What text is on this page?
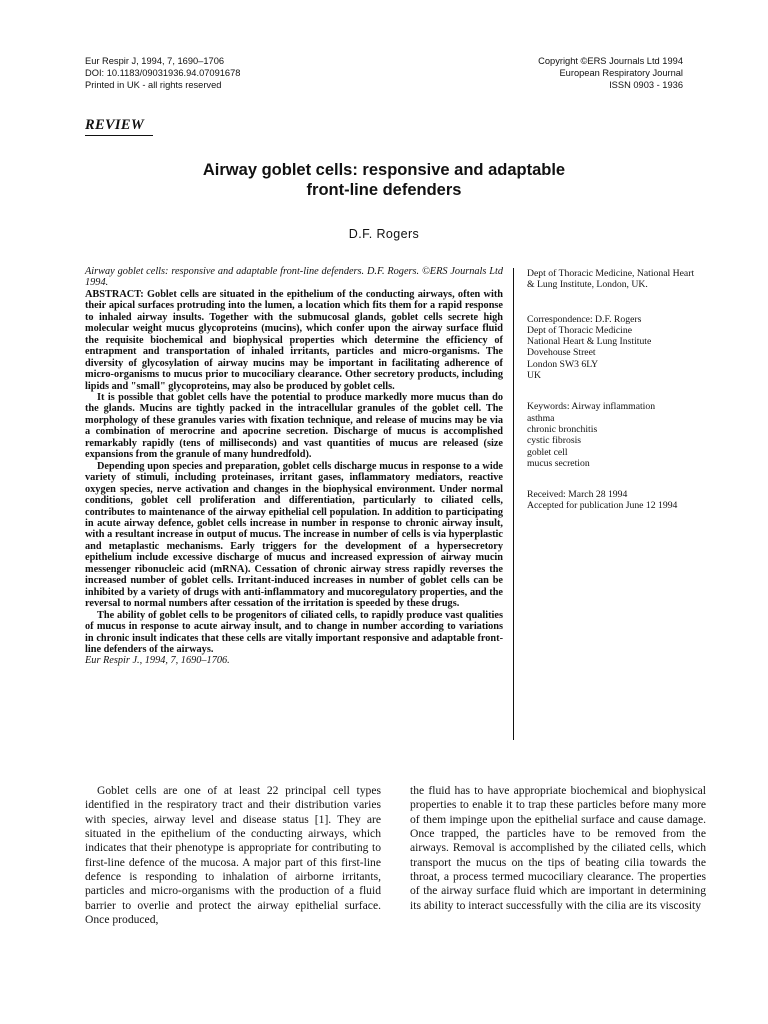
Eur Respir J, 1994, 7, 1690–1706
DOI: 10.1183/09031936.94.07091678
Printed in UK - all rights reserved
Copyright ©ERS Journals Ltd 1994
European Respiratory Journal
ISSN 0903 - 1936
REVIEW
Airway goblet cells: responsive and adaptable
front-line defenders
D.F. Rogers

Airway goblet cells: responsive and adaptable front-line defenders. D.F. Rogers. ©ERS Journals Ltd 1994.

ABSTRACT: Goblet cells are situated in the epithelium of the conducting airways, often with their apical surfaces protruding into the lumen, a location which fits them for a rapid response to inhaled airway insults. Together with the submucosal glands, goblet cells secrete high molecular weight mucus glycoproteins (mucins), which confer upon the airway surface fluid the requisite biochemical and biophysical properties which determine the efficiency of entrapment and transportation of inhaled irritants, particles and micro-organisms. The diversity of glycosylation of airway mucins may be important in facilitating adherence of micro-organisms to mucus prior to mucociliary clearance. Other secretory products, including lipids and "small" glycoproteins, may also be produced by goblet cells.

It is possible that goblet cells have the potential to produce markedly more mucus than do the glands. Mucins are tightly packed in the intracellular granules of the goblet cell. The morphology of these granules varies with fixation technique, and release of mucins may be via a combination of merocrine and apocrine secretion. Discharge of mucus is accomplished remarkably rapidly (tens of milliseconds) and vast quantities of mucus are released (size expansions from the granule of many hundredfold).

Depending upon species and preparation, goblet cells discharge mucus in response to a wide variety of stimuli, including proteinases, irritant gases, inflammatory mediators, reactive oxygen species, nerve activation and changes in the biophysical environment. Under normal conditions, goblet cell proliferation and differentiation, particularly to ciliated cells, contributes to maintenance of the airway epithelial cell population. In addition to participating in acute airway defence, goblet cells increase in number in response to chronic airway insult, with a resultant increase in output of mucus. The increase in number of cells is via hyperplastic and metaplastic mechanisms. Early triggers for the development of a hypersecretory epithelium include excessive discharge of mucus and increased expression of airway mucin messenger ribonucleic acid (mRNA). Cessation of chronic airway stress rapidly reverses the increased number of goblet cells. Irritant-induced increases in number of goblet cells can be inhibited by a variety of drugs with anti-inflammatory and mucoregulatory properties, and the reversal to normal numbers after cessation of the irritation is speeded by these drugs.

The ability of goblet cells to be progenitors of ciliated cells, to rapidly produce vast qualities of mucus in response to acute airway insult, and to change in number according to variations in chronic insult indicates that these cells are vitally important responsive and adaptable front-line defenders of the airways.

Eur Respir J., 1994, 7, 1690–1706.

Dept of Thoracic Medicine, National Heart
& Lung Institute, London, UK.
Correspondence: D.F. Rogers
Dept of Thoracic Medicine
National Heart & Lung Institute
Dovehouse Street
London SW3 6LY
UK
Keywords: Airway inflammation
asthma
chronic bronchitis
cystic fibrosis
goblet cell
mucus secretion
Received: March 28 1994
Accepted for publication June 12 1994

Goblet cells are one of at least 22 principal cell types identified in the respiratory tract and their distribution varies with species, airway level and disease status [1]. They are situated in the epithelium of the conducting airways, which indicates that their phenotype is appropriate for contributing to first-line defence of the mucosa. A major part of this first-line defence is responding to inhalation of airborne irritants, particles and micro-organisms with the production of a fluid barrier to overlie and protect the airway epithelial surface. Once produced,

the fluid has to have appropriate biochemical and biophysical properties to enable it to trap these particles before many more of them impinge upon the epithelial surface and cause damage. Once trapped, the particles have to be removed from the airways. Removal is accomplished by the ciliated cells, which transport the mucus on the tips of beating cilia towards the throat, a process termed mucociliary clearance. The properties of the airway surface fluid which are important in determining its ability to interact successfully with the cilia are its viscosity
